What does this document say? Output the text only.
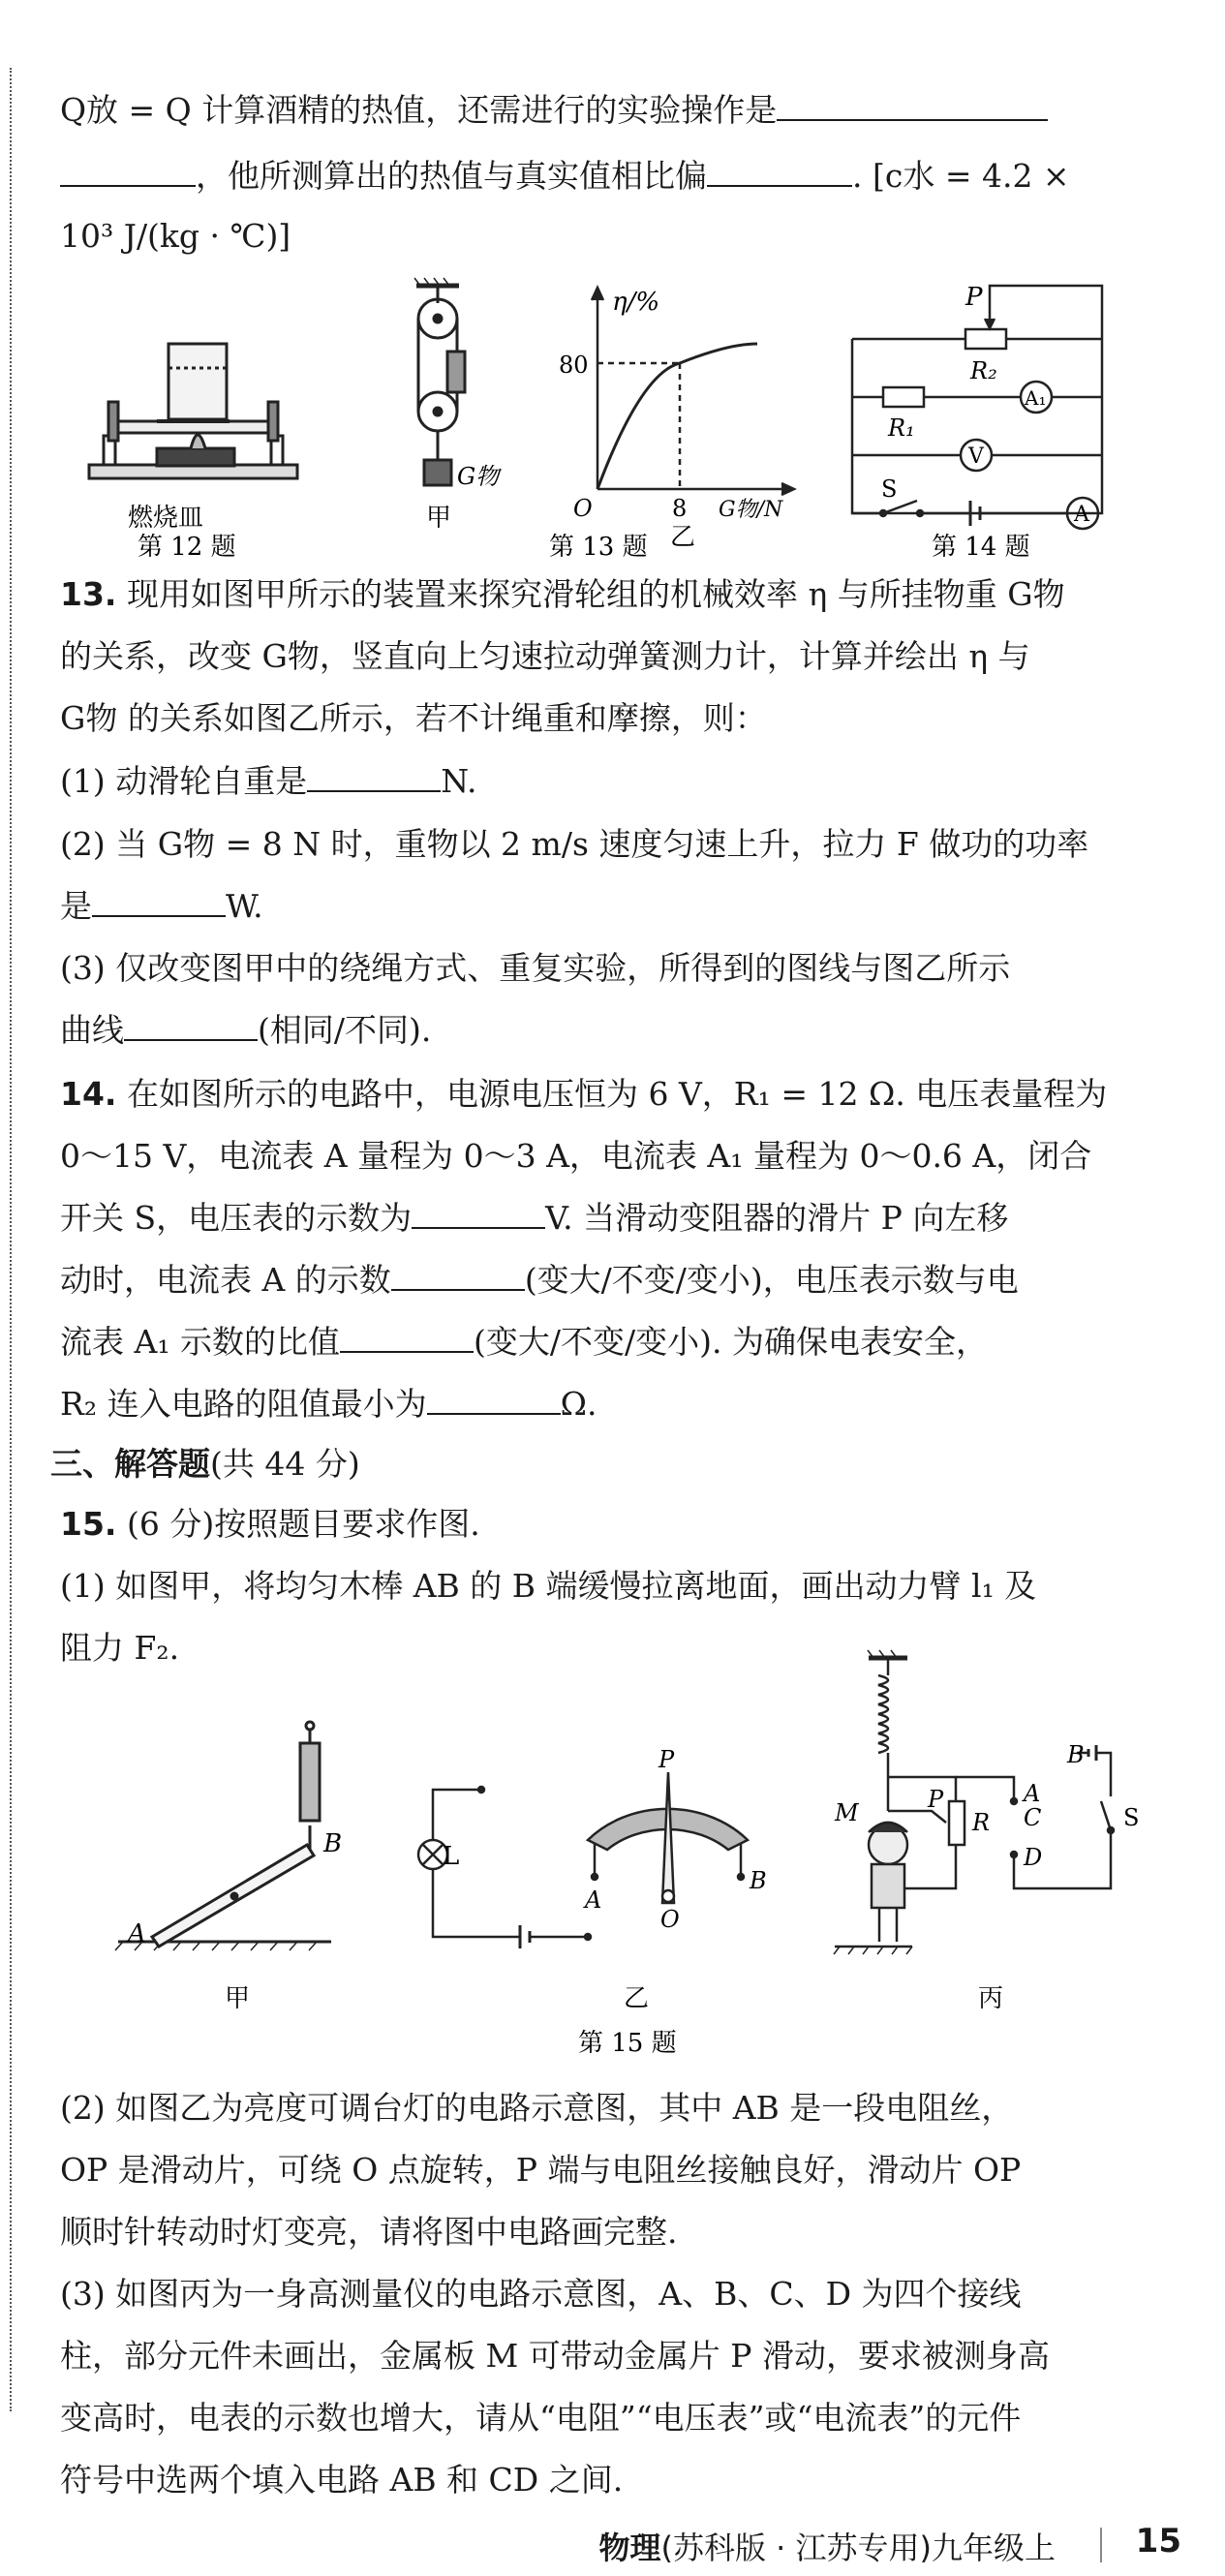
Q放 = Q 计算酒精的热值，还需进行的实验操作是
，他所测算出的热值与真实值相比偏	. [c水 = 4.2 ×
10³ J/(kg · ℃)]
燃烧皿
第 12 题
G物
甲
η/%
80
8
O	G物/N
乙
第 13 题
P
R₂
R₁
A₁
V
S
A
第 14 题
13. 现用如图甲所示的装置来探究滑轮组的机械效率 η 与所挂物重 G物
的关系，改变 G物，竖直向上匀速拉动弹簧测力计，计算并绘出 η 与
G物 的关系如图乙所示，若不计绳重和摩擦，则：
(1) 动滑轮自重是	N.
(2) 当 G物 = 8 N 时，重物以 2 m/s 速度匀速上升，拉力 F 做功的功率
是	W.
(3) 仅改变图甲中的绕绳方式、重复实验，所得到的图线与图乙所示
曲线	(相同/不同).
14. 在如图所示的电路中，电源电压恒为 6 V，R₁ = 12 Ω. 电压表量程为
0～15 V，电流表 A 量程为 0～3 A，电流表 A₁ 量程为 0～0.6 A，闭合
开关 S，电压表的示数为	V. 当滑动变阻器的滑片 P 向左移
动时，电流表 A 的示数	(变大/不变/变小)，电压表示数与电
流表 A₁ 示数的比值	(变大/不变/变小). 为确保电表安全，
R₂ 连入电路的阻值最小为	Ω.
三、解答题(共 44 分)
15. (6 分)按照题目要求作图.
(1) 如图甲，将均匀木棒 AB 的 B 端缓慢拉离地面，画出动力臂 l₁ 及
阻力 F₂.
A
B
甲
L
P
A
O
B
乙
第 15 题
M	P
R
A
C
D
B
S
丙
(2) 如图乙为亮度可调台灯的电路示意图，其中 AB 是一段电阻丝，
OP 是滑动片，可绕 O 点旋转，P 端与电阻丝接触良好，滑动片 OP
顺时针转动时灯变亮，请将图中电路画完整.
(3) 如图丙为一身高测量仪的电路示意图，A、B、C、D 为四个接线
柱，部分元件未画出，金属板 M 可带动金属片 P 滑动，要求被测身高
变高时，电表的示数也增大，请从“电阻”“电压表”或“电流表”的元件
符号中选两个填入电路 AB 和 CD 之间.
物理(苏科版 · 江苏专用)九年级上 15
